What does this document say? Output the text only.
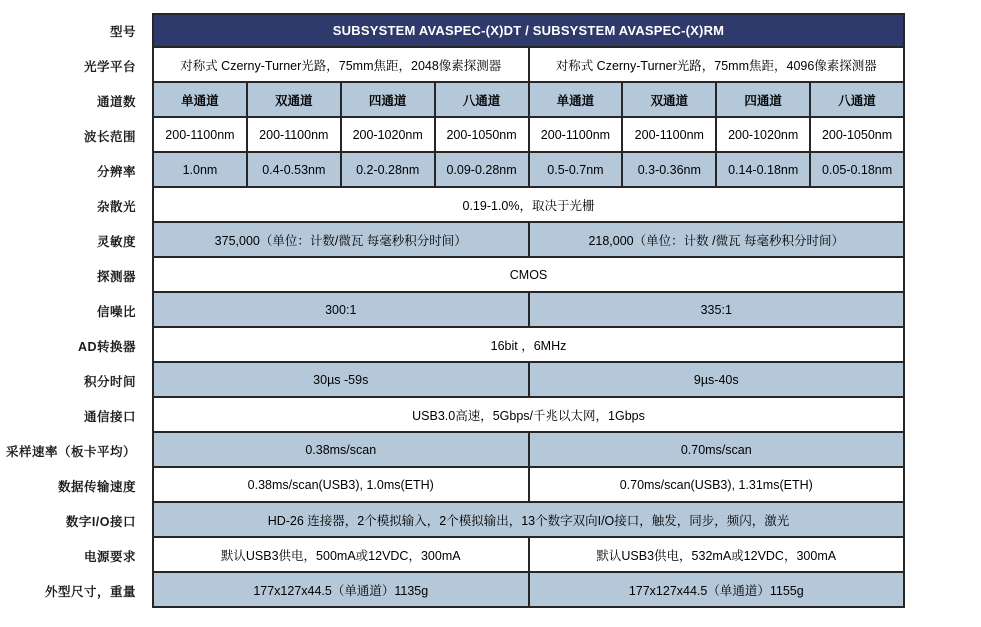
型号	SUBSYSTEM AVASPEC-(X)DT / SUBSYSTEM AVASPEC-(X)RM
光学平台	对称式 Czerny-Turner光路，75mm焦距，2048像素探测器	对称式 Czerny-Turner光路，75mm焦距，4096像素探测器
通道数	单通道	双通道	四通道	八通道	单通道	双通道	四通道	八通道
波长范围	200-1100nm	200-1100nm	200-1020nm	200-1050nm	200-1100nm	200-1100nm	200-1020nm	200-1050nm
分辨率	1.0nm	0.4-0.53nm	0.2-0.28nm	0.09-0.28nm	0.5-0.7nm	0.3-0.36nm	0.14-0.18nm	0.05-0.18nm
杂散光	0.19-1.0%，取决于光栅
灵敏度	375,000（单位：计数/微瓦 每毫秒积分时间）	218,000（单位：计数 /微瓦 每毫秒积分时间）
探测器	CMOS
信噪比	300:1	335:1
AD转换器	16bit ，6MHz
积分时间	30µs -59s	9µs-40s
通信接口	USB3.0高速，5Gbps/千兆以太网，1Gbps
采样速率（板卡平均）	0.38ms/scan	0.70ms/scan
数据传输速度	0.38ms/scan(USB3), 1.0ms(ETH)	0.70ms/scan(USB3), 1.31ms(ETH)
数字I/O接口	HD-26 连接器，2个模拟输入，2个模拟输出，13个数字双向I/O接口，触发，同步，频闪，激光
电源要求	默认USB3供电，500mA或12VDC，300mA	默认USB3供电，532mA或12VDC，300mA
外型尺寸，重量	177x127x44.5（单通道）1135g	177x127x44.5（单通道）1155g
